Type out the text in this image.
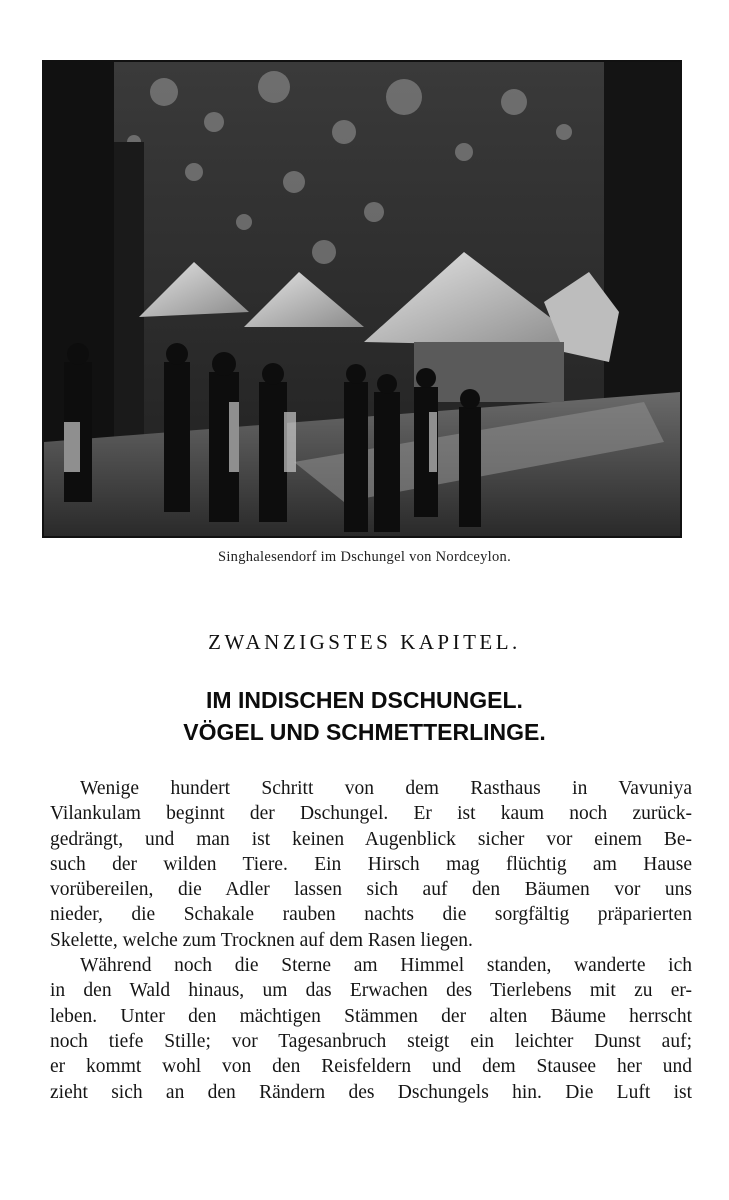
Singhalesendorf im Dschungel von Nordceylon.
ZWANZIGSTES KAPITEL.
IM INDISCHEN DSCHUNGEL.
VÖGEL UND SCHMETTERLINGE.
Wenige hundert Schritt von dem Rasthaus in Vavuniya
Vilankulam beginnt der Dschungel. Er ist kaum noch zurück-
gedrängt, und man ist keinen Augenblick sicher vor einem Be-
such der wilden Tiere. Ein Hirsch mag flüchtig am Hause
vorübereilen, die Adler lassen sich auf den Bäumen vor uns
nieder, die Schakale rauben nachts die sorgfältig präparierten
Skelette, welche zum Trocknen auf dem Rasen liegen.
Während noch die Sterne am Himmel standen, wanderte ich
in den Wald hinaus, um das Erwachen des Tierlebens mit zu er-
leben. Unter den mächtigen Stämmen der alten Bäume herrscht
noch tiefe Stille; vor Tagesanbruch steigt ein leichter Dunst auf;
er kommt wohl von den Reisfeldern und dem Stausee her und
zieht sich an den Rändern des Dschungels hin. Die Luft ist
